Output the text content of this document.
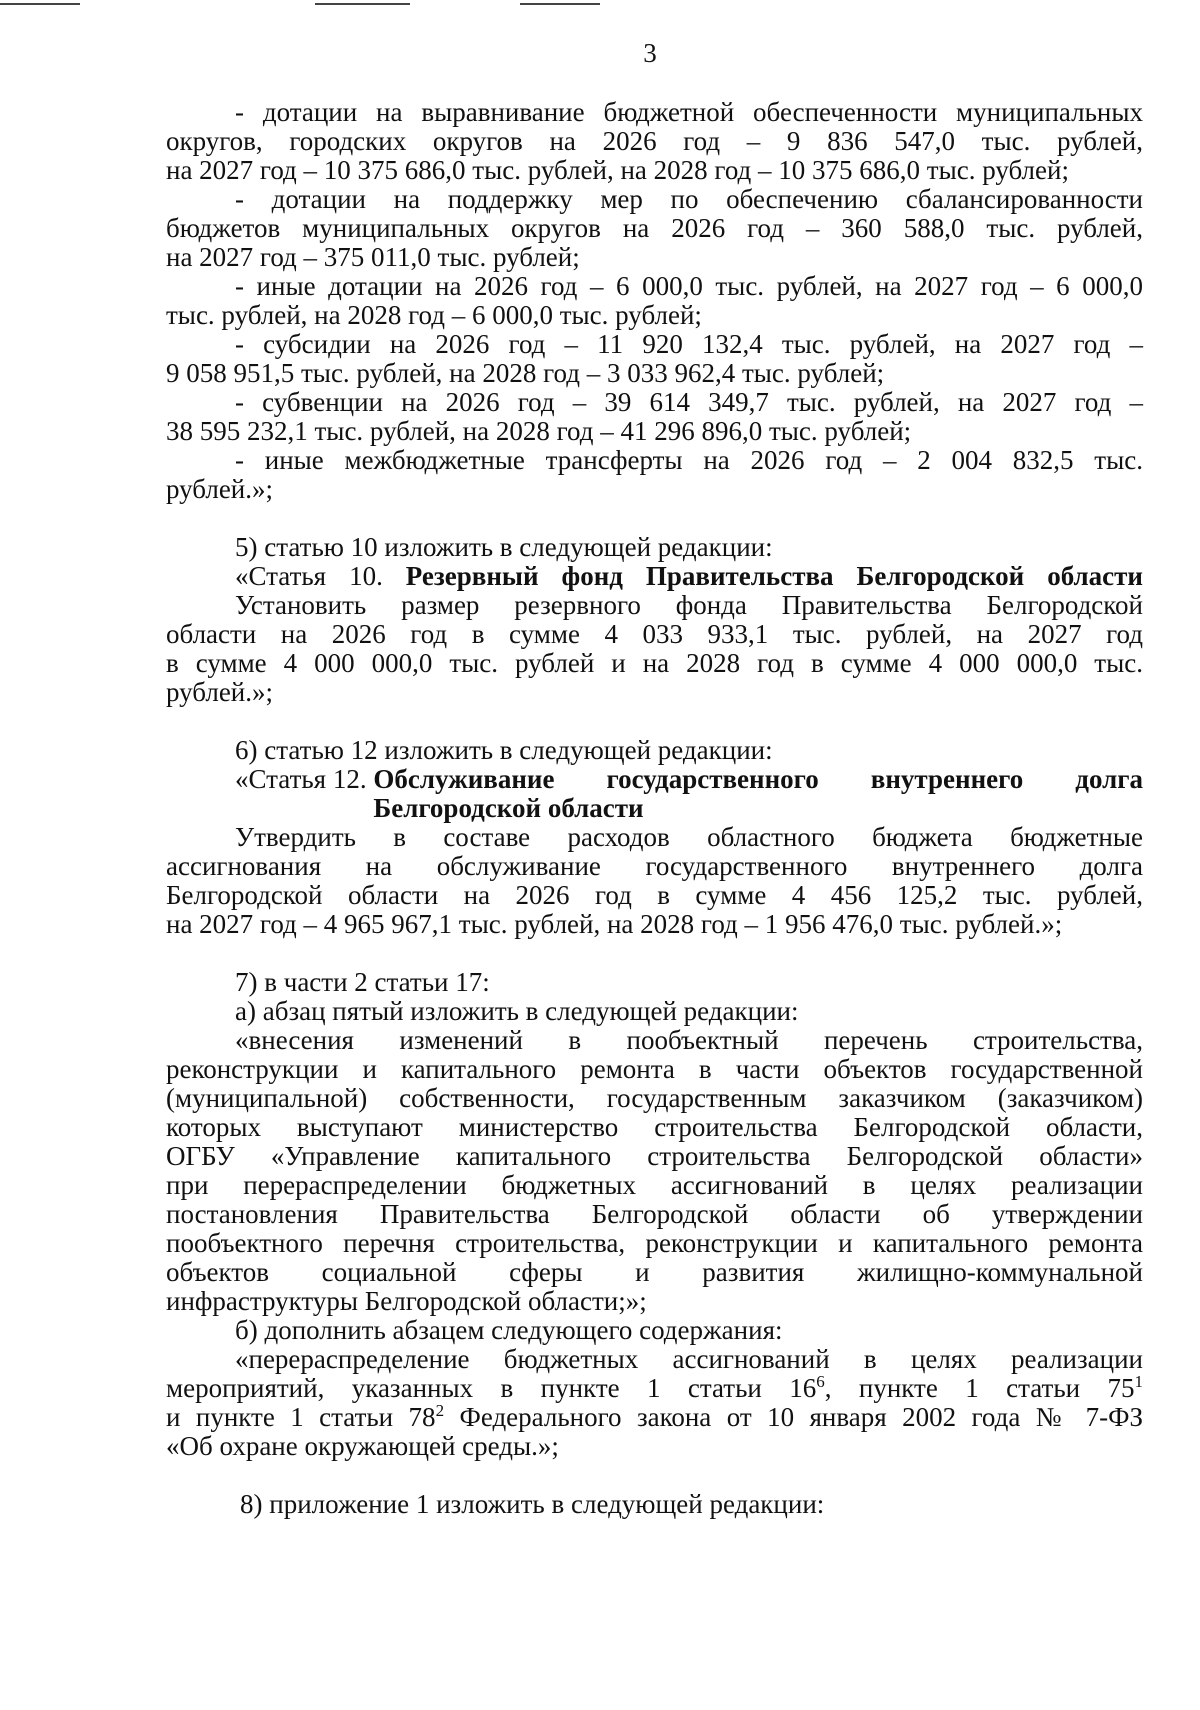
3

- дотации на выравнивание бюджетной обеспеченности муниципальных

округов, городских округов на 2026 год – 9 836 547,0 тыс. рублей,

на 2027 год – 10 375 686,0 тыс. рублей, на 2028 год – 10 375 686,0 тыс. рублей;

- дотации на поддержку мер по обеспечению сбалансированности

бюджетов муниципальных округов на 2026 год – 360 588,0 тыс. рублей,

на 2027 год – 375 011,0 тыс. рублей;

- иные дотации на 2026 год – 6 000,0 тыс. рублей, на 2027 год – 6 000,0

тыс. рублей, на 2028 год – 6 000,0 тыс. рублей;

- субсидии на 2026 год – 11 920 132,4 тыс. рублей, на 2027 год –

9 058 951,5 тыс. рублей, на 2028 год – 3 033 962,4 тыс. рублей;

- субвенции на 2026 год – 39 614 349,7 тыс. рублей, на 2027 год –

38 595 232,1 тыс. рублей, на 2028 год – 41 296 896,0 тыс. рублей;

- иные межбюджетные трансферты на 2026 год – 2 004 832,5 тыс.

рублей.»;

5) статью 10 изложить в следующей редакции:

«Статья 10. Резервный фонд Правительства Белгородской области

Установить размер резервного фонда Правительства Белгородской

области на 2026 год в сумме 4 033 933,1 тыс. рублей, на 2027 год

в сумме 4 000 000,0 тыс. рублей и на 2028 год в сумме 4 000 000,0 тыс.

рублей.»;

6) статью 12 изложить в следующей редакции:

«Статья 12. Обслуживание государственного внутреннего долга

Белгородской области

Утвердить в составе расходов областного бюджета бюджетные

ассигнования на обслуживание государственного внутреннего долга

Белгородской области на 2026 год в сумме 4 456 125,2 тыс. рублей,

на 2027 год – 4 965 967,1 тыс. рублей, на 2028 год – 1 956 476,0 тыс. рублей.»;

7) в части 2 статьи 17:

а) абзац пятый изложить в следующей редакции:

«внесения изменений в пообъектный перечень строительства,

реконструкции и капитального ремонта в части объектов государственной

(муниципальной) собственности, государственным заказчиком (заказчиком)

которых выступают министерство строительства Белгородской области,

ОГБУ «Управление капитального строительства Белгородской области»

при перераспределении бюджетных ассигнований в целях реализации

постановления Правительства Белгородской области об утверждении

пообъектного перечня строительства, реконструкции и капитального ремонта

объектов социальной сферы и развития жилищно-коммунальной

инфраструктуры Белгородской области;»;

б) дополнить абзацем следующего содержания:

«перераспределение бюджетных ассигнований в целях реализации

мероприятий, указанных в пункте 1 статьи $16^6$, пункте 1 статьи $75^1$

и пункте 1 статьи $78^2$ Федерального закона от 10 января 2002 года № 7-ФЗ

«Об охране окружающей среды.»;

8) приложение 1 изложить в следующей редакции:
